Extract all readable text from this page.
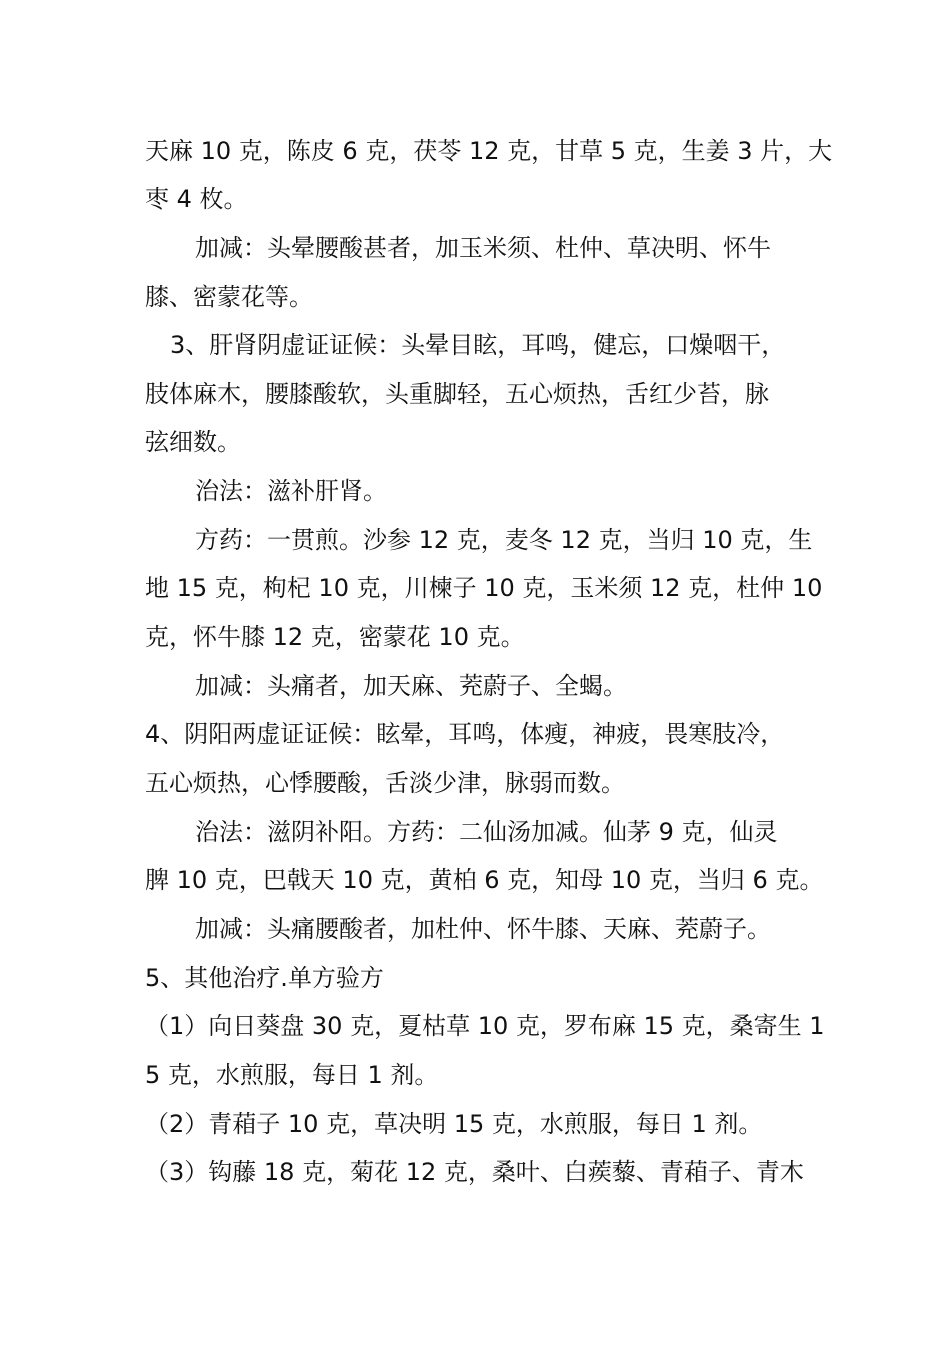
天麻 10 克，陈皮 6 克，茯苓 12 克，甘草 5 克，生姜 3 片，大
枣 4 枚。
加减：头晕腰酸甚者，加玉米须、杜仲、草决明、怀牛
膝、密蒙花等。
3、肝肾阴虚证证候：头晕目眩，耳鸣，健忘，口燥咽干，
肢体麻木，腰膝酸软，头重脚轻，五心烦热，舌红少苔，脉
弦细数。
治法：滋补肝肾。
方药：一贯煎。沙参 12 克，麦冬 12 克，当归 10 克，生
地 15 克，枸杞 10 克，川楝子 10 克，玉米须 12 克，杜仲 10
克，怀牛膝 12 克，密蒙花 10 克。
加减：头痛者，加天麻、茺蔚子、全蝎。
4、阴阳两虚证证候：眩晕，耳鸣，体瘦，神疲，畏寒肢冷，
五心烦热，心悸腰酸，舌淡少津，脉弱而数。
治法：滋阴补阳。方药：二仙汤加减。仙茅 9 克，仙灵
脾 10 克，巴戟天 10 克，黄柏 6 克，知母 10 克，当归 6 克。
加减：头痛腰酸者，加杜仲、怀牛膝、天麻、茺蔚子。
5、其他治疗.单方验方
（1）向日葵盘 30 克，夏枯草 10 克，罗布麻 15 克，桑寄生 1
5 克，水煎服，每日 1 剂。
（2）青葙子 10 克，草决明 15 克，水煎服，每日 1 剂。
（3）钩藤 18 克，菊花 12 克，桑叶、白蒺藜、青葙子、青木
